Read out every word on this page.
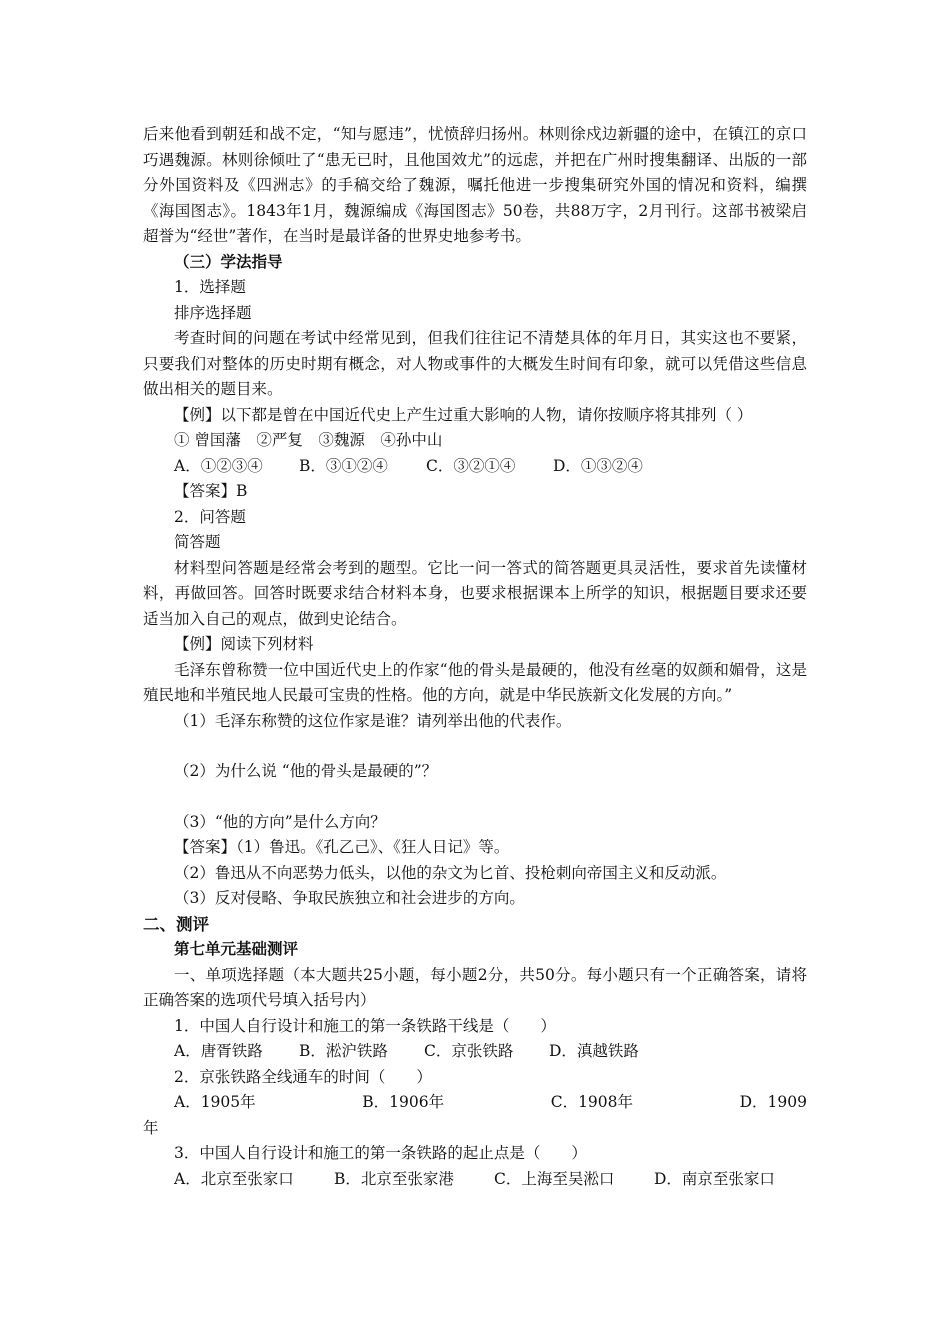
后来他看到朝廷和战不定，“知与愿违”，忧愤辞归扬州。林则徐戍边新疆的途中，在镇江的京口巧遇魏源。林则徐倾吐了“患无已时，且他国效尤”的远虑，并把在广州时搜集翻译、出版的一部分外国资料及《四洲志》的手稿交给了魏源，嘱托他进一步搜集研究外国的情况和资料，编撰《海国图志》。1843年1月，魏源编成《海国图志》50卷，共88万字，2月刊行。这部书被梁启超誉为“经世”著作，在当时是最详备的世界史地参考书。

（三）学法指导

1．选择题

排序选择题

考查时间的问题在考试中经常见到，但我们往往记不清楚具体的年月日，其实这也不要紧，只要我们对整体的历史时期有概念，对人物或事件的大概发生时间有印象，就可以凭借这些信息做出相关的题目来。

【例】以下都是曾在中国近代史上产生过重大影响的人物，请你按顺序将其排列（ ）

① 曾国藩　②严复　③魏源　④孙中山

A．①②③④	B．③①②④	C．③②①④	D．①③②④

【答案】B

2．问答题

简答题

材料型问答题是经常会考到的题型。它比一问一答式的简答题更具灵活性，要求首先读懂材料，再做回答。回答时既要求结合材料本身，也要求根据课本上所学的知识，根据题目要求还要适当加入自己的观点，做到史论结合。

【例】阅读下列材料

毛泽东曾称赞一位中国近代史上的作家“他的骨头是最硬的，他没有丝毫的奴颜和媚骨，这是殖民地和半殖民地人民最可宝贵的性格。他的方向，就是中华民族新文化发展的方向。”

（1）毛泽东称赞的这位作家是谁？请列举出他的代表作。

（2）为什么说 “他的骨头是最硬的”？

（3）“他的方向”是什么方向？

【答案】（1）鲁迅。《孔乙己》、《狂人日记》等。

（2）鲁迅从不向恶势力低头，以他的杂文为匕首、投枪刺向帝国主义和反动派。

（3）反对侵略、争取民族独立和社会进步的方向。

二、测评

第七单元基础测评

一、单项选择题（本大题共25小题，每小题2分，共50分。每小题只有一个正确答案，请将正确答案的选项代号填入括号内）

1．中国人自行设计和施工的第一条铁路干线是（　　）

A．唐胥铁路	B．淞沪铁路	C．京张铁路	D．滇越铁路

2．京张铁路全线通车的时间（　　）

A．1905年	B．1906年	C．1908年	D．1909

年

3．中国人自行设计和施工的第一条铁路的起止点是（　　）

A．北京至张家口	B．北京至张家港	C．上海至吴淞口	D．南京至张家口
